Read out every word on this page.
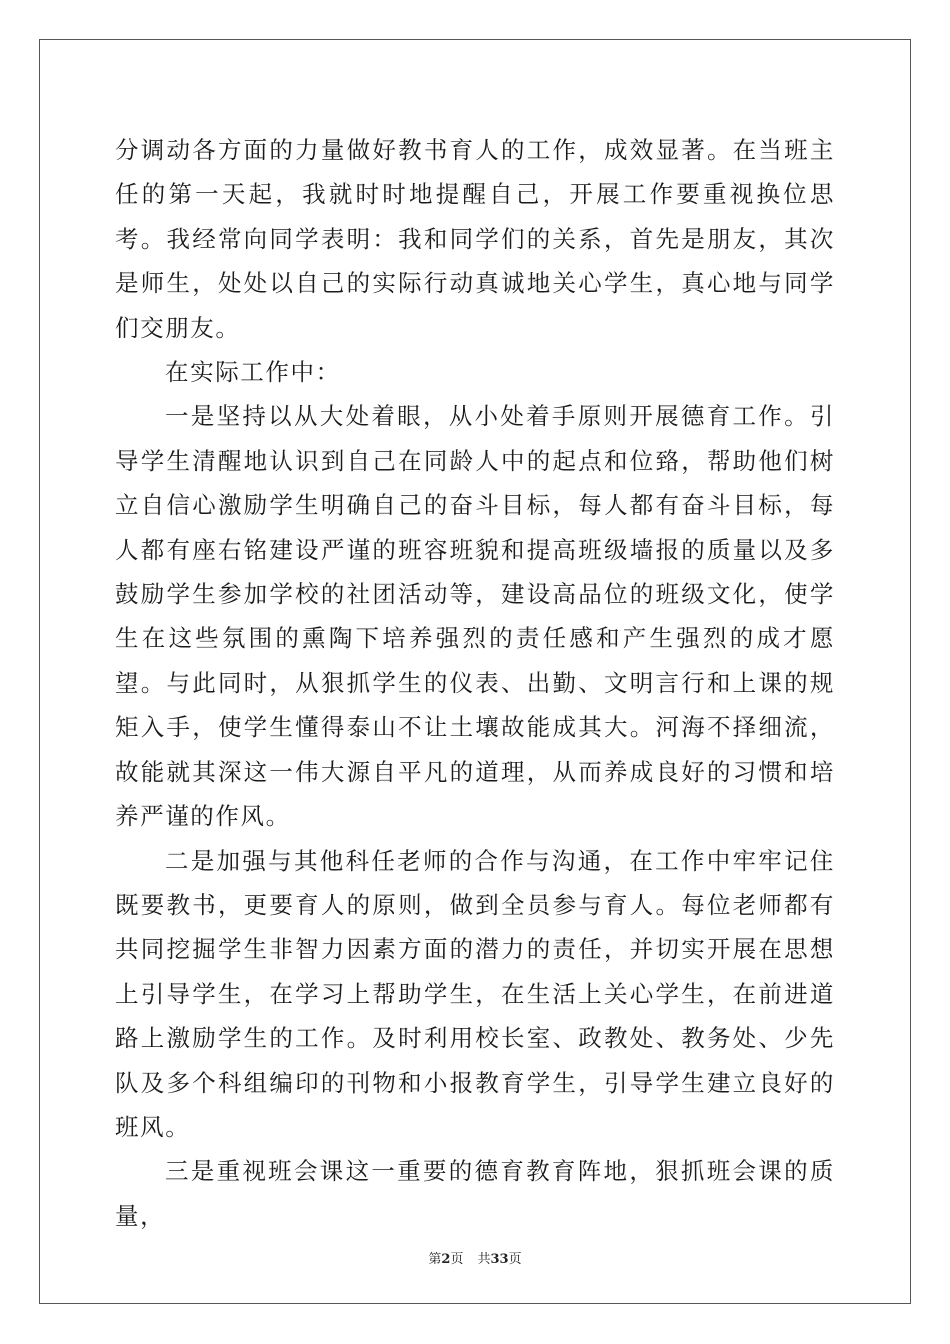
分调动各方面的力量做好教书育人的工作，成效显著。在当班主任的第一天起，我就时时地提醒自己，开展工作要重视换位思考。我经常向同学表明：我和同学们的关系，首先是朋友，其次是师生，处处以自己的实际行动真诚地关心学生，真心地与同学们交朋友。

在实际工作中：

一是坚持以从大处着眼，从小处着手原则开展德育工作。引导学生清醒地认识到自己在同龄人中的起点和位臵，帮助他们树立自信心激励学生明确自己的奋斗目标，每人都有奋斗目标，每人都有座右铭建设严谨的班容班貌和提高班级墙报的质量以及多鼓励学生参加学校的社团活动等，建设高品位的班级文化，使学生在这些氛围的熏陶下培养强烈的责任感和产生强烈的成才愿望。与此同时，从狠抓学生的仪表、出勤、文明言行和上课的规矩入手，使学生懂得泰山不让土壤故能成其大。河海不择细流，故能就其深这一伟大源自平凡的道理，从而养成良好的习惯和培养严谨的作风。

二是加强与其他科任老师的合作与沟通，在工作中牢牢记住既要教书，更要育人的原则，做到全员参与育人。每位老师都有共同挖掘学生非智力因素方面的潜力的责任，并切实开展在思想上引导学生，在学习上帮助学生，在生活上关心学生，在前进道路上激励学生的工作。及时利用校长室、政教处、教务处、少先队及多个科组编印的刊物和小报教育学生，引导学生建立良好的班风。

三是重视班会课这一重要的德育教育阵地，狠抓班会课的质量，

第2页 共33页
